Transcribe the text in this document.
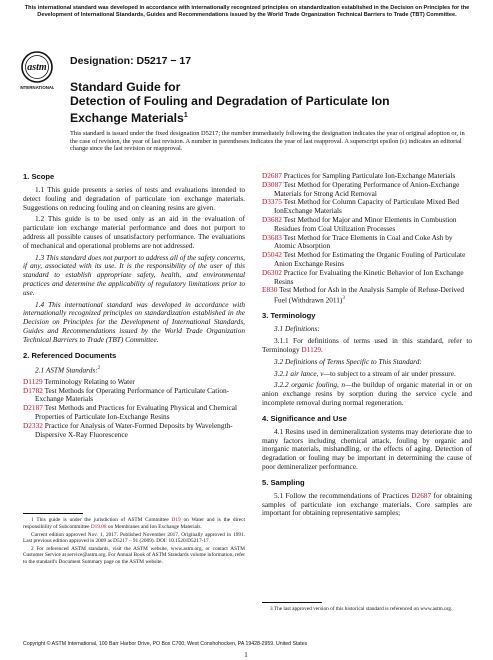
This international standard was developed in accordance with internationally recognized principles on standardization established in the Decision on Principles for the Development of International Standards, Guides and Recommendations issued by the World Trade Organization Technical Barriers to Trade (TBT) Committee.
astm
INTERNATIONAL
Designation: D5217 − 17
Standard Guide for
Detection of Fouling and Degradation of Particulate Ion
Exchange Materials$^1$
This standard is issued under the fixed designation D5217; the number immediately following the designation indicates the year of original adoption or, in the case of revision, the year of last revision. A number in parentheses indicates the year of last reapproval. A superscript epsilon (ε) indicates an editorial change since the last revision or reapproval.
1. Scope

1.1 This guide presents a series of tests and evaluations intended to detect fouling and degradation of particulate ion exchange materials. Suggestions on reducing fouling and on cleaning resins are given.

1.2 This guide is to be used only as an aid in the evaluation of particulate ion exchange material performance and does not purport to address all possible causes of unsatisfactory performance. The evaluations of mechanical and operational problems are not addressed.

1.3 This standard does not purport to address all of the safety concerns, if any, associated with its use. It is the responsibility of the user of this standard to establish appropriate safety, health, and environmental practices and determine the applicability of regulatory limitations prior to use.

1.4 This international standard was developed in accordance with internationally recognized principles on standardization established in the Decision on Principles for the Development of International Standards, Guides and Recommendations issued by the World Trade Organization Technical Barriers to Trade (TBT) Committee.

2. Referenced Documents

2.1 ASTM Standards:$^2$

D1129 Terminology Relating to Water
D1782 Test Methods for Operating Performance of Particulate Cation-Exchange Materials
D2187 Test Methods and Practices for Evaluating Physical and Chemical Properties of Particulate Ion-Exchange Resins
D2332 Practice for Analysis of Water-Formed Deposits by Wavelength-Dispersive X-Ray Fluorescence
1 This guide is under the jurisdiction of ASTM Committee D19 on Water and is the direct responsibility of Subcommittee D19.08 on Membranes and Ion Exchange Materials.
Current edition approved Nov. 1, 2017. Published November 2017. Originally approved in 1991. Last previous edition approved in 2009 as D5217 – 91 (2009). DOI: 10.1520/D5217-17.
2 For referenced ASTM standards, visit the ASTM website, www.astm.org, or contact ASTM Customer Service at service@astm.org. For Annual Book of ASTM Standards volume information, refer to the standard's Document Summary page on the ASTM website.
D2687 Practices for Sampling Particulate Ion-Exchange Materials
D3087 Test Method for Operating Performance of Anion-Exchange Materials for Strong Acid Removal
D3375 Test Method for Column Capacity of Particulate Mixed Bed IonExchange Materials
D3682 Test Method for Major and Minor Elements in Combustion Residues from Coal Utilization Processes
D3683 Test Method for Trace Elements in Coal and Coke Ash by Atomic Absorption
D5042 Test Method for Estimating the Organic Fouling of Particulate Anion Exchange Resins
D6302 Practice for Evaluating the Kinetic Behavior of Ion Exchange Resins
E830 Test Method for Ash in the Analysis Sample of Refuse-Derived Fuel (Withdrawn 2011)$^3$
3. Terminology

3.1 Definitions:

3.1.1 For definitions of terms used in this standard, refer to Terminology D1129.

3.2 Definitions of Terms Specific to This Standard:

3.2.1 air lance, v—to subject to a stream of air under pressure.

3.2.2 organic fouling, n—the buildup of organic material in or on anion exchange resins by sorption during the service cycle and incomplete removal during normal regeneration.

4. Significance and Use

4.1 Resins used in demineralization systems may deteriorate due to many factors including chemical attack, fouling by organic and inorganic materials, mishandling, or the effects of aging. Detection of degradation or fouling may be important in determining the cause of poor demineralizer performance.

5. Sampling

5.1 Follow the recommendations of Practices D2687 for obtaining samples of particulate ion exchange materials. Core samples are important for obtaining representative samples;

3 The last approved version of this historical standard is referenced on www.astm.org.
Copyright © ASTM International, 100 Barr Harbor Drive, PO Box C700, West Conshohocken, PA 19428-2959. United States
1
